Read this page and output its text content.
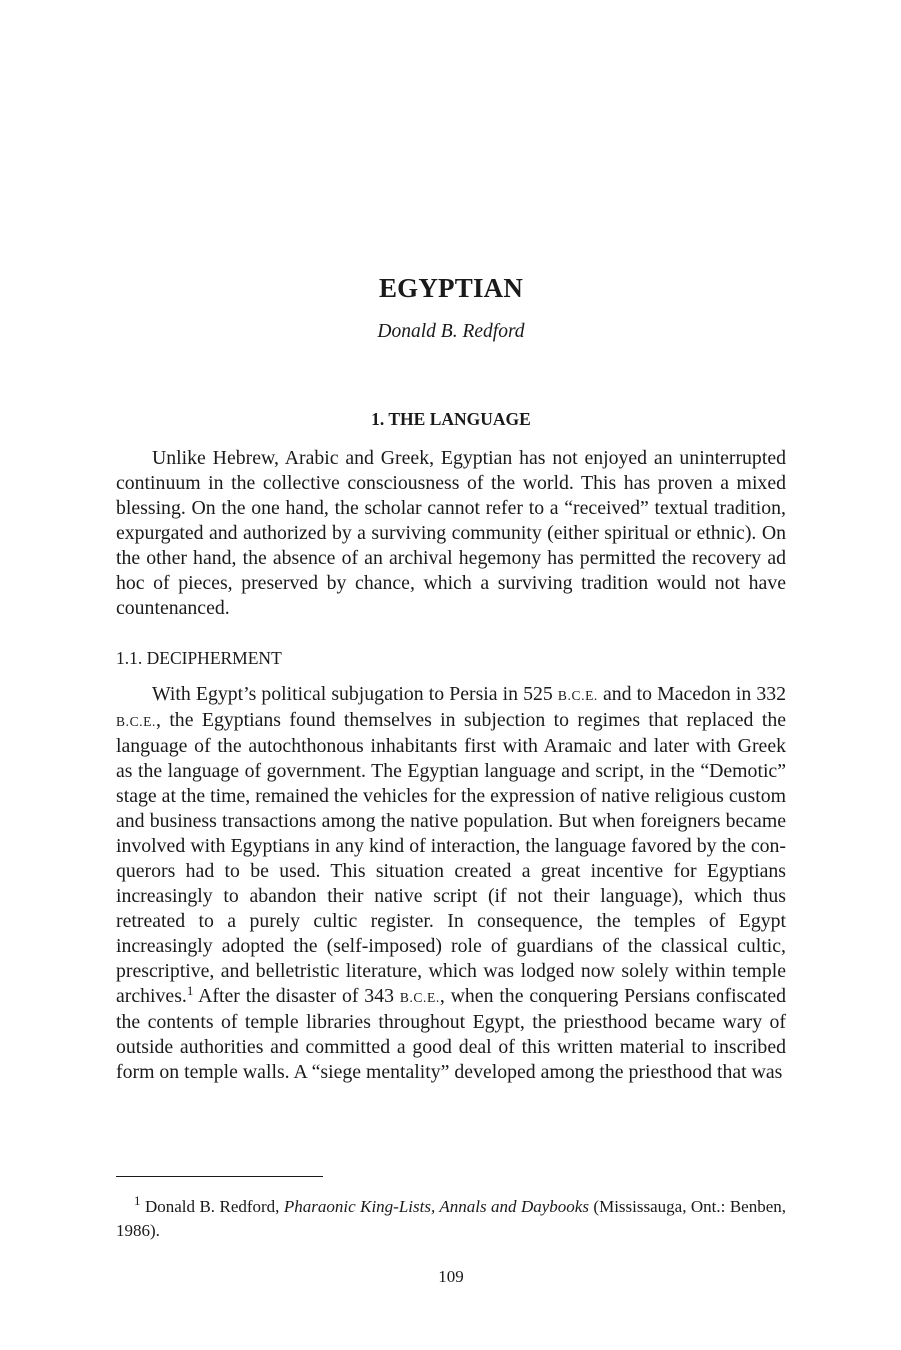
EGYPTIAN
Donald B. Redford
1. THE LANGUAGE

Unlike Hebrew, Arabic and Greek, Egyptian has not enjoyed an uninterrupted continuum in the collective consciousness of the world. This has proven a mixed blessing. On the one hand, the scholar cannot refer to a “received” textual tradition, expurgated and authorized by a surviving community (either spiritual or ethnic). On the other hand, the absence of an archival hegemony has permitted the recovery ad hoc of pieces, preserved by chance, which a surviving tradition would not have countenanced.

1.1. DECIPHERMENT

With Egypt’s political subjugation to Persia in 525 B.C.E. and to Macedon in 332 B.C.E., the Egyptians found themselves in subjection to regimes that replaced the language of the autochthonous inhabitants first with Aramaic and later with Greek as the language of government. The Egyptian language and script, in the “Demotic” stage at the time, remained the vehicles for the expression of native religious custom and business transactions among the native population. But when foreigners became involved with Egyptians in any kind of interaction, the language favored by the conquerors had to be used. This situation created a great incentive for Egyptians increasingly to abandon their native script (if not their language), which thus retreated to a purely cultic register. In consequence, the temples of Egypt increasingly adopted the (self-imposed) role of guardians of the classical cultic, prescriptive, and belletristic literature, which was lodged now solely within temple archives.$^1$ After the disaster of 343 B.C.E., when the conquering Persians confiscated the contents of temple libraries throughout Egypt, the priesthood became wary of outside authorities and committed a good deal of this written material to inscribed form on temple walls. A “siege mentality” developed among the priesthood that was

$^1$ Donald B. Redford, Pharaonic King-Lists, Annals and Daybooks (Mississauga, Ont.: Benben, 1986).

109
